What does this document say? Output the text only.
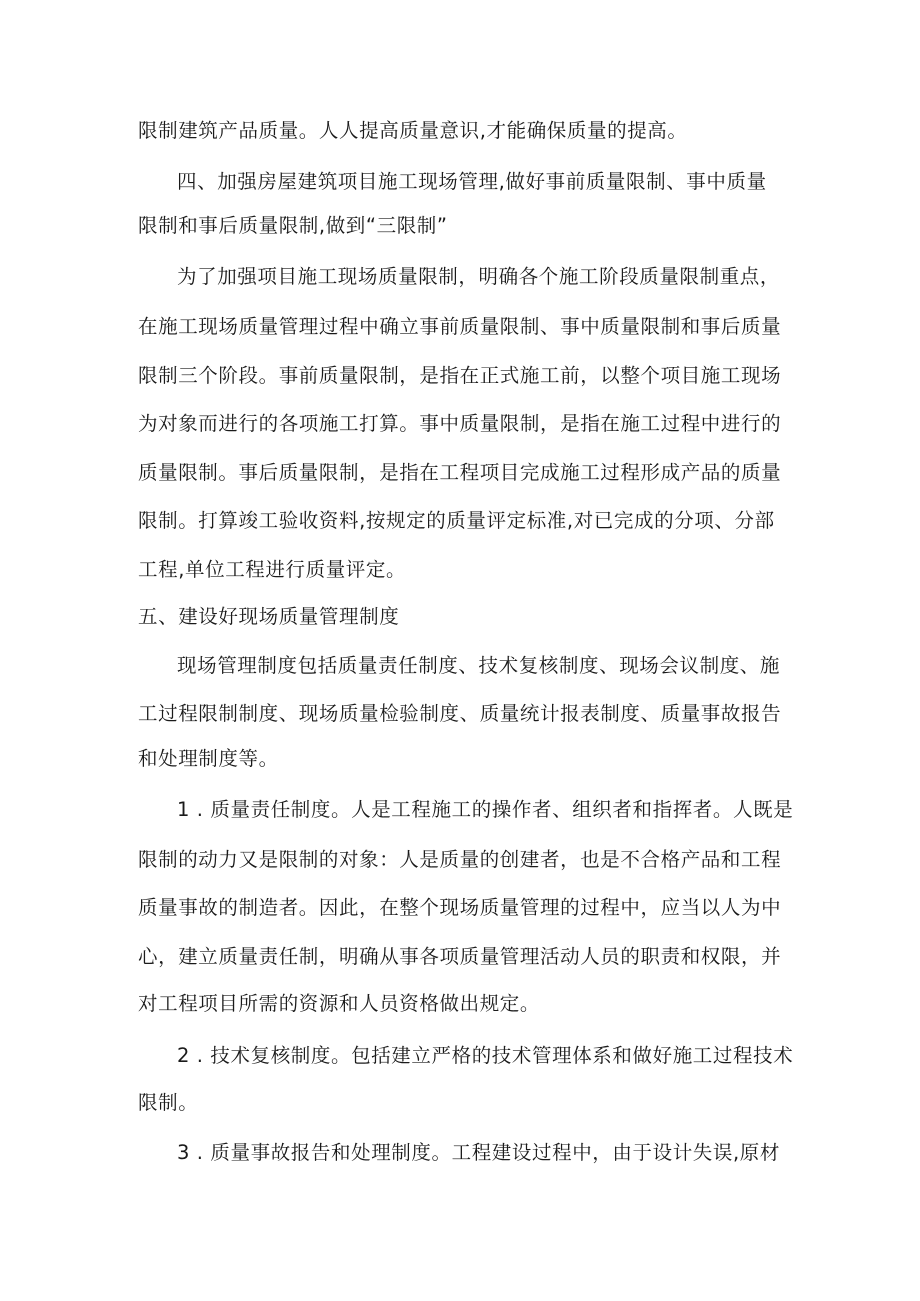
限制建筑产品质量。人人提高质量意识,才能确保质量的提高。
四、加强房屋建筑项目施工现场管理,做好事前质量限制、事中质量
限制和事后质量限制,做到“三限制”
为了加强项目施工现场质量限制，明确各个施工阶段质量限制重点，
在施工现场质量管理过程中确立事前质量限制、事中质量限制和事后质量
限制三个阶段。事前质量限制，是指在正式施工前，以整个项目施工现场
为对象而进行的各项施工打算。事中质量限制，是指在施工过程中进行的
质量限制。事后质量限制，是指在工程项目完成施工过程形成产品的质量
限制。打算竣工验收资料,按规定的质量评定标准,对已完成的分项、分部
工程,单位工程进行质量评定。
五、建设好现场质量管理制度
现场管理制度包括质量责任制度、技术复核制度、现场会议制度、施
工过程限制制度、现场质量检验制度、质量统计报表制度、质量事故报告
和处理制度等。
1 . 质量责任制度。人是工程施工的操作者、组织者和指挥者。人既是
限制的动力又是限制的对象：人是质量的创建者，也是不合格产品和工程
质量事故的制造者。因此，在整个现场质量管理的过程中，应当以人为中
心，建立质量责任制，明确从事各项质量管理活动人员的职责和权限，并
对工程项目所需的资源和人员资格做出规定。
2 . 技术复核制度。包括建立严格的技术管理体系和做好施工过程技术
限制。
3 . 质量事故报告和处理制度。工程建设过程中，由于设计失误,原材
